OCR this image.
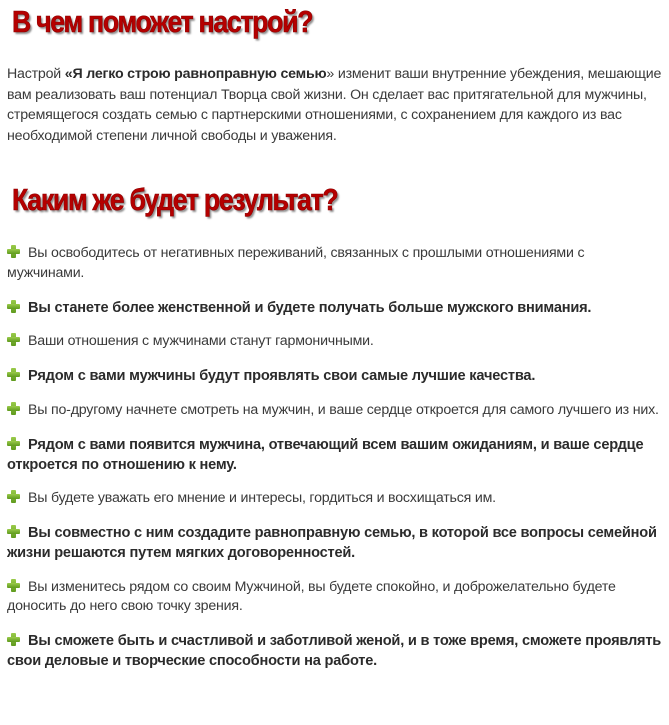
В чем поможет настрой?

Настрой «Я легко строю равноправную семью» изменит ваши внутренние убеждения, мешающие вам реализовать ваш потенциал Творца свой жизни. Он сделает вас притягательной для мужчины, стремящегося создать семью с партнерскими отношениями, с сохранением для каждого из вас необходимой степени личной свободы и уважения.

Каким же будет результат?
Вы освободитесь от негативных переживаний, связанных с прошлыми отношениями с мужчинами.
Вы станете более женственной и будете получать больше мужского внимания.
Ваши отношения с мужчинами станут гармоничными.
Рядом с вами мужчины будут проявлять свои самые лучшие качества.
Вы по-другому начнете смотреть на мужчин, и ваше сердце откроется для самого лучшего из них.
Рядом с вами появится мужчина, отвечающий всем вашим ожиданиям, и ваше сердце откроется по отношению к нему.
Вы будете уважать его мнение и интересы, гордиться и восхищаться им.
Вы совместно с ним создадите равноправную семью, в которой все вопросы семейной жизни решаются путем мягких договоренностей.
Вы изменитесь рядом со своим Мужчиной, вы будете спокойно, и доброжелательно будете доносить до него свою точку зрения.
Вы сможете быть и счастливой и заботливой женой, и в тоже время, сможете проявлять свои деловые и творческие способности на работе.
